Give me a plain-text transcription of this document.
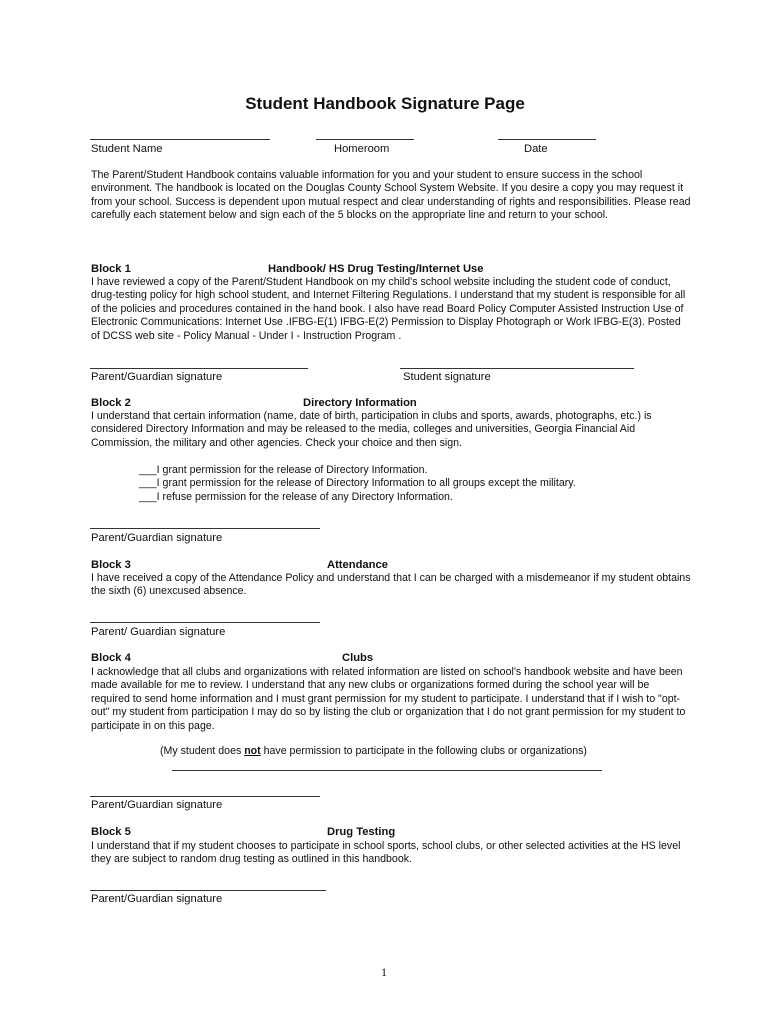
Student Handbook Signature Page
Student Name	Homeroom	Date
The Parent/Student Handbook contains valuable information for you and your student to ensure success in the school environment. The handbook is located on the Douglas County School System Website. If you desire a copy you may request it from your school. Success is dependent upon mutual respect and clear understanding of rights and responsibilities. Please read carefully each statement below and sign each of the 5 blocks on the appropriate line and return to your school.
Block 1	Handbook/ HS Drug Testing/Internet Use
I have reviewed a copy of the Parent/Student Handbook on my child's school website including the student code of conduct, drug-testing policy for high school student, and Internet Filtering Regulations. I understand that my student is responsible for all of the policies and procedures contained in the hand book. I also have read Board Policy Computer Assisted Instruction Use of Electronic Communications: Internet Use .IFBG-E(1) IFBG-E(2) Permission to Display Photograph or Work IFBG-E(3). Posted of DCSS web site - Policy Manual - Under I - Instruction Program .
Parent/Guardian signature	Student signature
Block 2	Directory Information
I understand that certain information (name, date of birth, participation in clubs and sports, awards, photographs, etc.) is considered Directory Information and may be released to the media, colleges and universities, Georgia Financial Aid Commission, the military and other agencies. Check your choice and then sign.
___I grant permission for the release of Directory Information.
___I grant permission for the release of Directory Information to all groups except the military.
___I refuse permission for the release of any Directory Information.
Parent/Guardian signature
Block 3	Attendance
I have received a copy of the Attendance Policy and understand that I can be charged with a misdemeanor if my student obtains the sixth (6) unexcused absence.
Parent/ Guardian signature
Block 4	Clubs
I acknowledge that all clubs and organizations with related information are listed on school's handbook website and have been made available for me to review. I understand that any new clubs or organizations formed during the school year will be required to send home information and I must grant permission for my student to participate. I understand that if I wish to "opt-out" my student from participation I may do so by listing the club or organization that I do not grant permission for my student to participate in on this page.
(My student does not have permission to participate in the following clubs or organizations)
Parent/Guardian signature
Block 5	Drug Testing
I understand that if my student chooses to participate in school sports, school clubs, or other selected activities at the HS level they are subject to random drug testing as outlined in this handbook.
Parent/Guardian signature
1
